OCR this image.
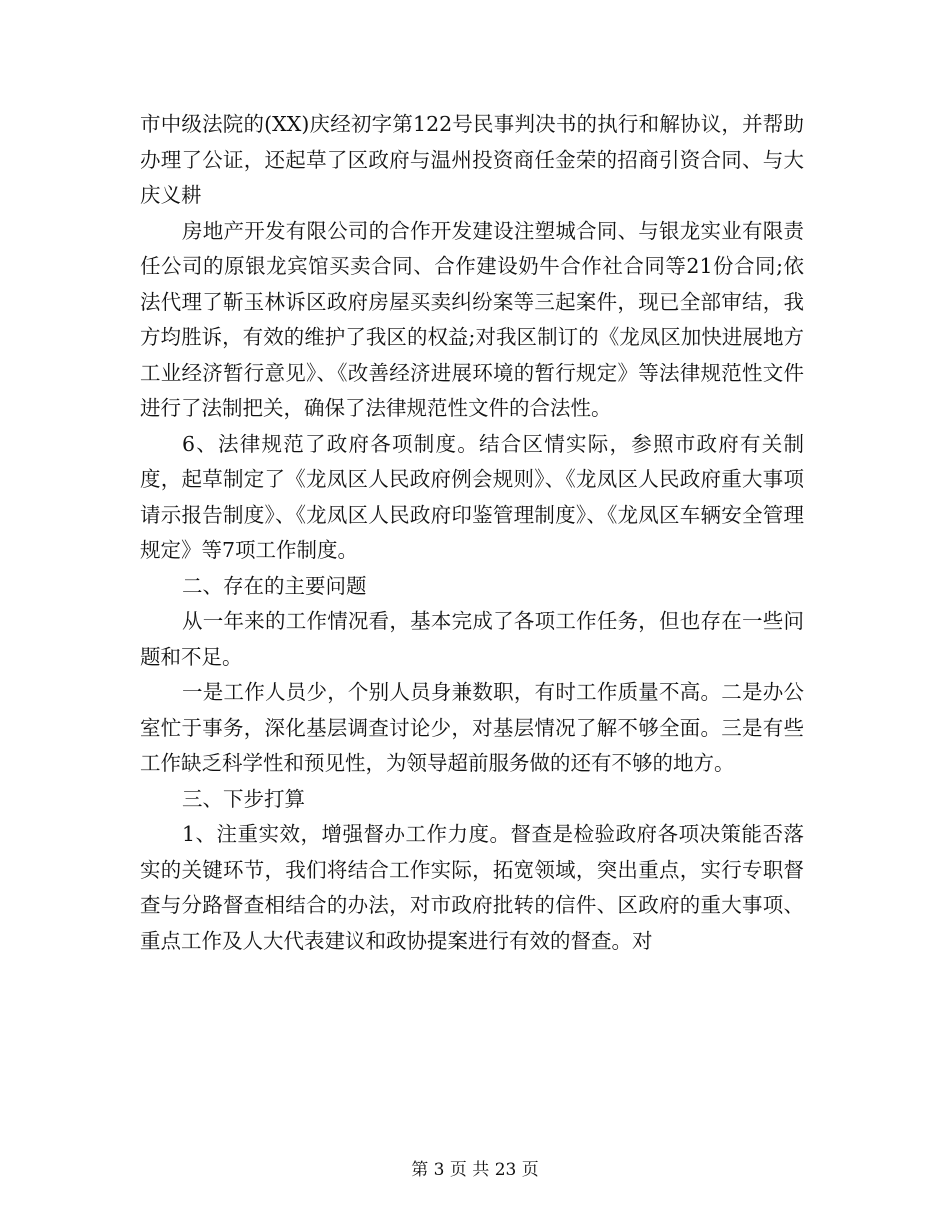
市中级法院的(XX)庆经初字第122号民事判决书的执行和解协议，并帮助办理了公证，还起草了区政府与温州投资商任金荣的招商引资合同、与大庆义耕

房地产开发有限公司的合作开发建设注塑城合同、与银龙实业有限责任公司的原银龙宾馆买卖合同、合作建设奶牛合作社合同等21份合同;依法代理了靳玉林诉区政府房屋买卖纠纷案等三起案件，现已全部审结，我方均胜诉，有效的维护了我区的权益;对我区制订的《龙凤区加快进展地方工业经济暂行意见》、《改善经济进展环境的暂行规定》等法律规范性文件进行了法制把关，确保了法律规范性文件的合法性。

6、法律规范了政府各项制度。结合区情实际，参照市政府有关制度，起草制定了《龙凤区人民政府例会规则》、《龙凤区人民政府重大事项请示报告制度》、《龙凤区人民政府印鉴管理制度》、《龙凤区车辆安全管理规定》等7项工作制度。

二、存在的主要问题

从一年来的工作情况看，基本完成了各项工作任务，但也存在一些问题和不足。

一是工作人员少，个别人员身兼数职，有时工作质量不高。二是办公室忙于事务，深化基层调查讨论少，对基层情况了解不够全面。三是有些工作缺乏科学性和预见性，为领导超前服务做的还有不够的地方。

三、下步打算

1、注重实效，增强督办工作力度。督查是检验政府各项决策能否落实的关键环节，我们将结合工作实际，拓宽领域，突出重点，实行专职督查与分路督查相结合的办法，对市政府批转的信件、区政府的重大事项、重点工作及人大代表建议和政协提案进行有效的督查。对

第 3 页 共 23 页
